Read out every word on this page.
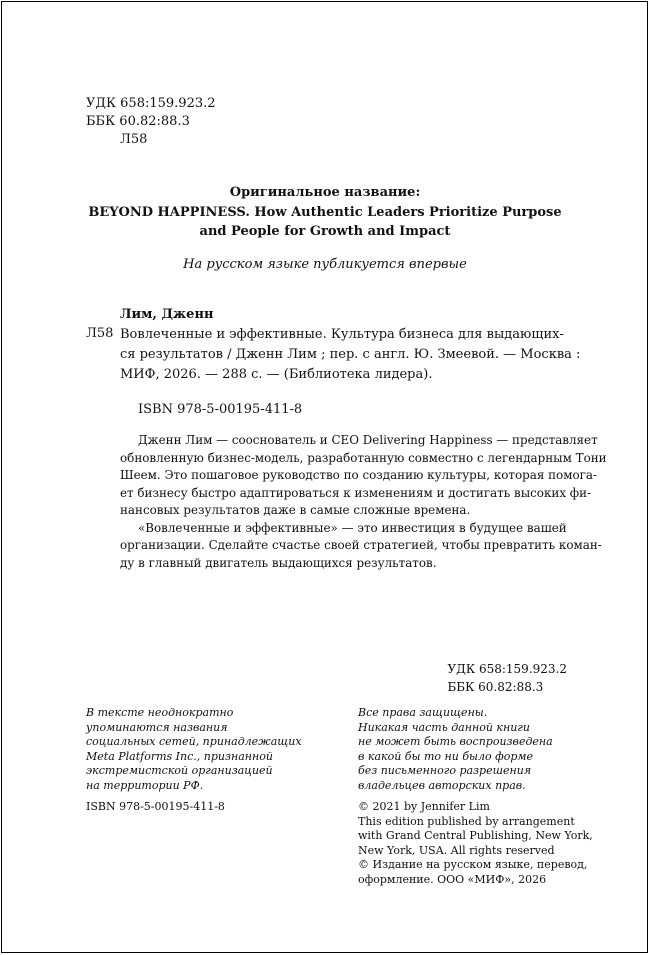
УДК 658:159.923.2
ББК 60.82:88.3
Л58
Оригинальное название:
BEYOND HAPPINESS. How Authentic Leaders Prioritize Purpose
and People for Growth and Impact
На русском языке публикуется впервые
Лим, Дженн
Л58 Вовлеченные и эффективные. Культура бизнеса для выдающих-
ся результатов / Дженн Лим ; пер. с англ. Ю. Змеевой. — Москва :
МИФ, 2026. — 288 с. — (Библиотека лидера).
ISBN 978-5-00195-411-8

Дженн Лим — сооснователь и CEO Delivering Happiness — представляет
обновленную бизнес-модель, разработанную совместно с легендарным Тони
Шеем. Это пошаговое руководство по созданию культуры, которая помога-
ет бизнесу быстро адаптироваться к изменениям и достигать высоких фи-
нансовых результатов даже в самые сложные времена.

«Вовлеченные и эффективные» — это инвестиция в будущее вашей
организации. Сделайте счастье своей стратегией, чтобы превратить коман-
ду в главный двигатель выдающихся результатов.

УДК 658:159.923.2
ББК 60.82:88.3
В тексте неоднократно
упоминаются названия
социальных сетей, принадлежащих
Meta Platforms Inc., признанной
экстремистской организацией
на территории РФ.
Все права защищены.
Никакая часть данной книги
не может быть воспроизведена
в какой бы то ни было форме
без письменного разрешения
владельцев авторских прав.
ISBN 978-5-00195-411-8	© 2021 by Jennifer Lim
This edition published by arrangement
with Grand Central Publishing, New York,
New York, USA. All rights reserved
© Издание на русском языке, перевод,
оформление. ООО «МИФ», 2026
